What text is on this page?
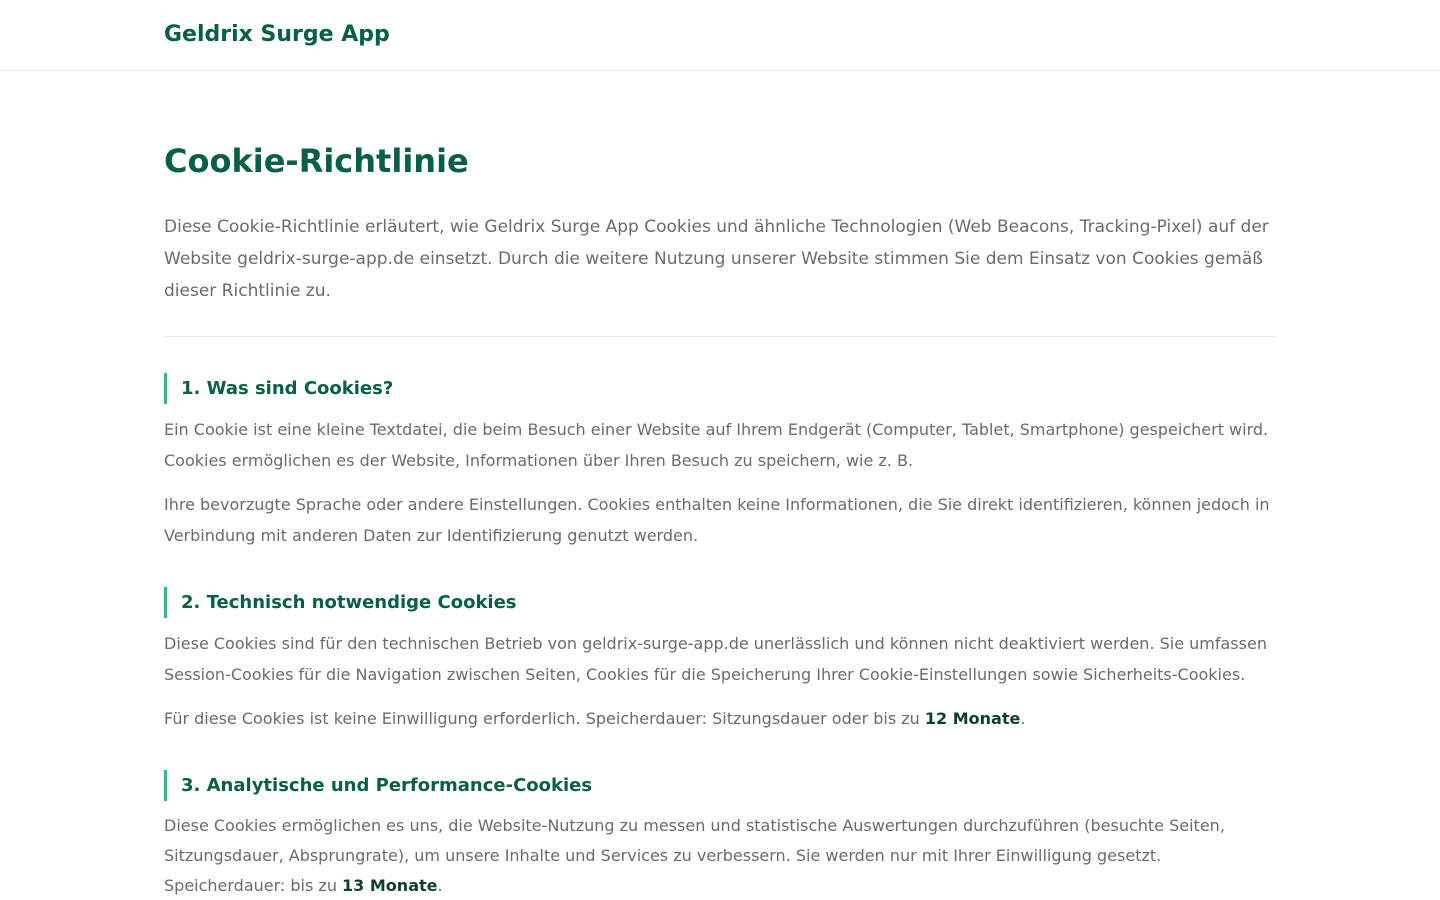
Geldrix Surge App
Cookie-Richtlinie

Diese Cookie-Richtlinie erläutert, wie Geldrix Surge App Cookies und ähnliche Technologien (Web Beacons, Tracking-Pixel) auf der Website geldrix-surge-app.de einsetzt. Durch die weitere Nutzung unserer Website stimmen Sie dem Einsatz von Cookies gemäß dieser Richtlinie zu.

1. Was sind Cookies?

Ein Cookie ist eine kleine Textdatei, die beim Besuch einer Website auf Ihrem Endgerät (Computer, Tablet, Smartphone) gespeichert wird. Cookies ermöglichen es der Website, Informationen über Ihren Besuch zu speichern, wie z. B.

Ihre bevorzugte Sprache oder andere Einstellungen. Cookies enthalten keine Informationen, die Sie direkt identifizieren, können jedoch in Verbindung mit anderen Daten zur Identifizierung genutzt werden.

2. Technisch notwendige Cookies

Diese Cookies sind für den technischen Betrieb von geldrix-surge-app.de unerlässlich und können nicht deaktiviert werden. Sie umfassen Session-Cookies für die Navigation zwischen Seiten, Cookies für die Speicherung Ihrer Cookie-Einstellungen sowie Sicherheits-Cookies.

Für diese Cookies ist keine Einwilligung erforderlich. Speicherdauer: Sitzungsdauer oder bis zu 12 Monate.

3. Analytische und Performance-Cookies

Diese Cookies ermöglichen es uns, die Website-Nutzung zu messen und statistische Auswertungen durchzuführen (besuchte Seiten, Sitzungsdauer, Absprungrate), um unsere Inhalte und Services zu verbessern. Sie werden nur mit Ihrer Einwilligung gesetzt. Speicherdauer: bis zu 13 Monate.
